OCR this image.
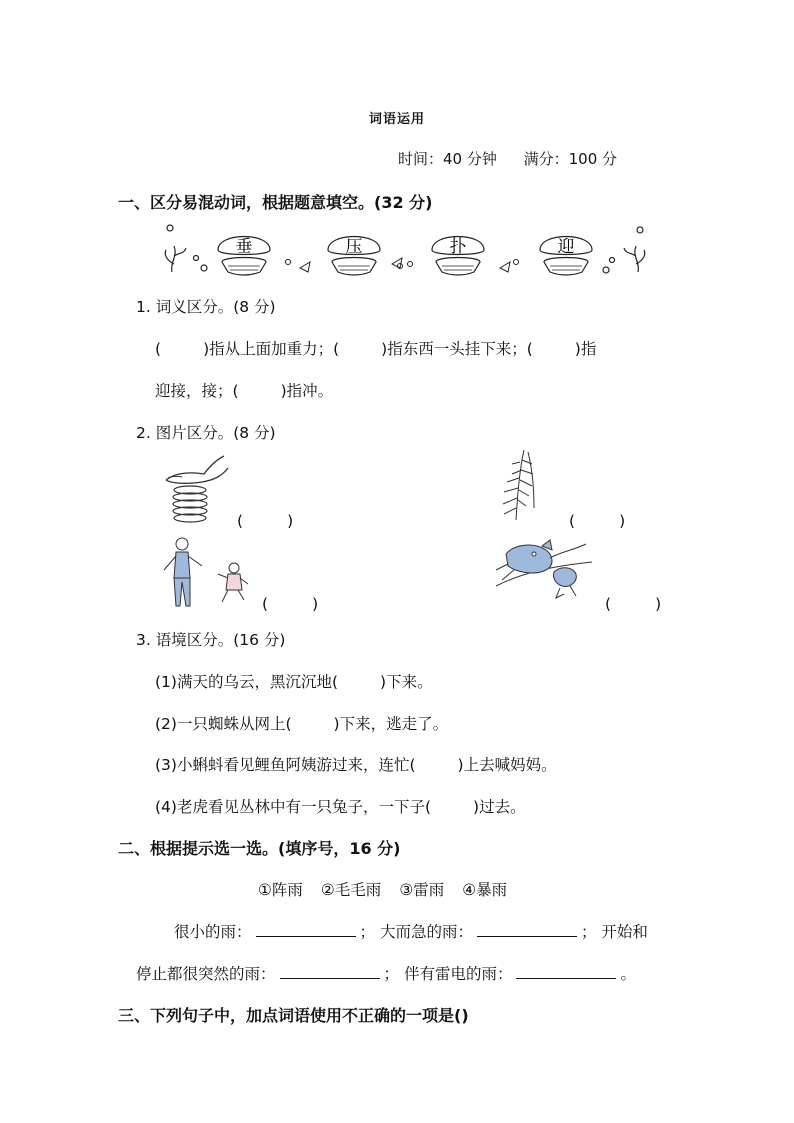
词语运用
时间：40 分钟 满分：100 分
一、区分易混动词，根据题意填空。(32 分)
垂	压	扑	迎
1. 词义区分。(8 分)
(	)指从上面加重力；(	)指东西一头挂下来；(	)指
迎接，接；(	)指冲。
2. 图片区分。(8 分)
(	)	(	)
(	)	(	)
3. 语境区分。(16 分)
(1)满天的乌云，黑沉沉地(	)下来。
(2)一只蜘蛛从网上(	)下来，逃走了。
(3)小蝌蚪看见鲤鱼阿姨游过来，连忙(	)上去喊妈妈。
(4)老虎看见丛林中有一只兔子，一下子(	)过去。
二、根据提示选一选。(填序号，16 分)
①阵雨 ②毛毛雨 ③雷雨 ④暴雨
很小的雨：	； 大而急的雨：	； 开始和
停止都很突然的雨：	； 伴有雷电的雨：	。
三、下列句子中，加点词语使用不正确的一项是()
